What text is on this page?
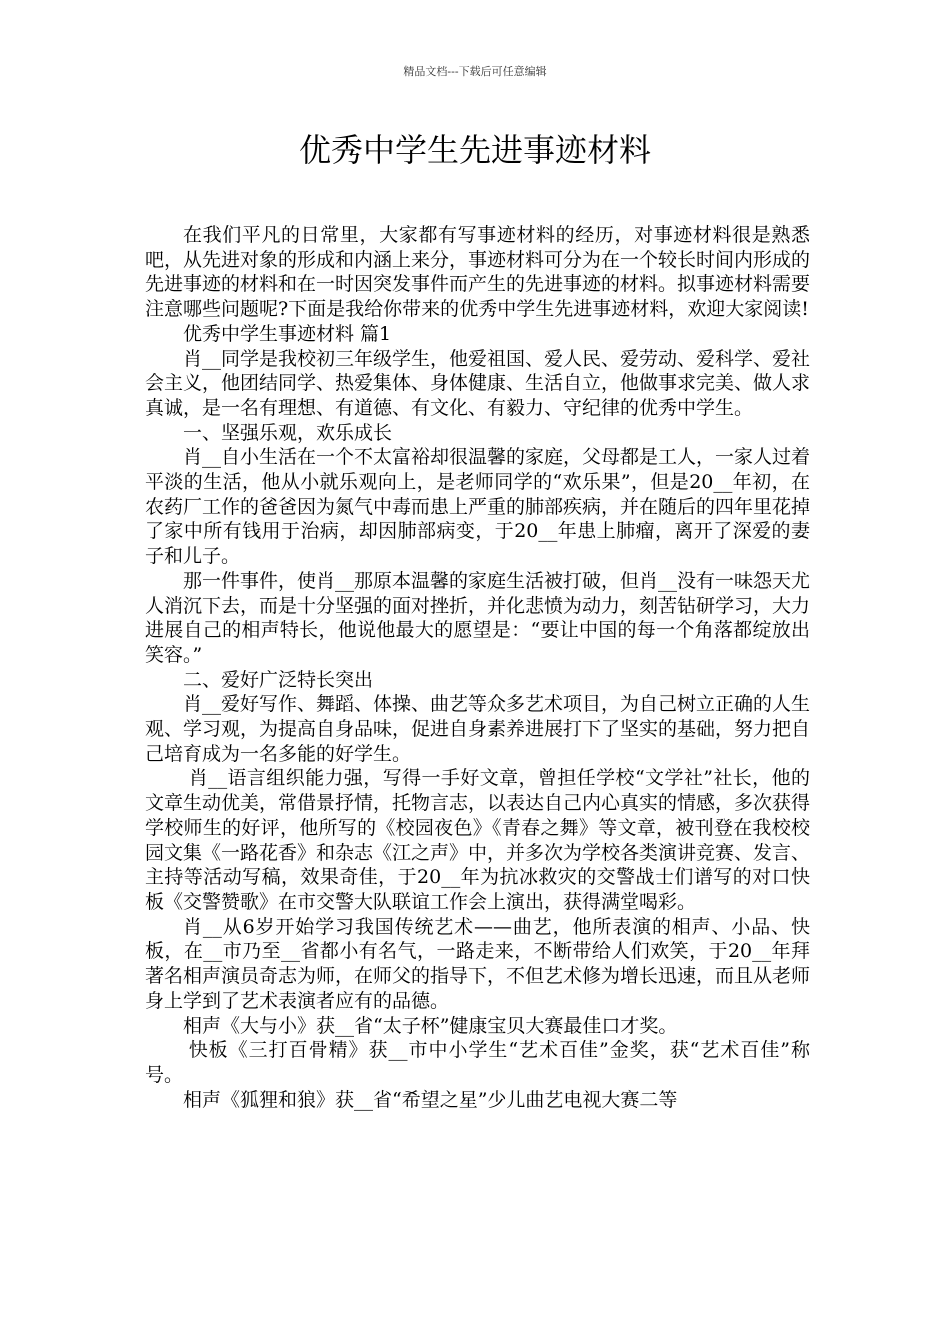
精品文档---下载后可任意编辑
优秀中学生先进事迹材料

在我们平凡的日常里，大家都有写事迹材料的经历，对事迹材料很是熟悉吧，从先进对象的形成和内涵上来分，事迹材料可分为在一个较长时间内形成的先进事迹的材料和在一时因突发事件而产生的先进事迹的材料。拟事迹材料需要注意哪些问题呢?下面是我给你带来的优秀中学生先进事迹材料，欢迎大家阅读!

优秀中学生事迹材料 篇1

肖__同学是我校初三年级学生，他爱祖国、爱人民、爱劳动、爱科学、爱社会主义，他团结同学、热爱集体、身体健康、生活自立，他做事求完美、做人求真诚，是一名有理想、有道德、有文化、有毅力、守纪律的优秀中学生。

一、坚强乐观，欢乐成长

肖__自小生活在一个不太富裕却很温馨的家庭，父母都是工人，一家人过着平淡的生活，他从小就乐观向上，是老师同学的“欢乐果”，但是20__年初，在农药厂工作的爸爸因为氮气中毒而患上严重的肺部疾病，并在随后的四年里花掉了家中所有钱用于治病，却因肺部病变，于20__年患上肺瘤，离开了深爱的妻子和儿子。

那一件事件，使肖__那原本温馨的家庭生活被打破，但肖__没有一味怨天尤人消沉下去，而是十分坚强的面对挫折，并化悲愤为动力，刻苦钻研学习，大力进展自己的相声特长，他说他最大的愿望是：“要让中国的每一个角落都绽放出笑容。”

二、爱好广泛特长突出

肖__爱好写作、舞蹈、体操、曲艺等众多艺术项目，为自己树立正确的人生观、学习观，为提高自身品味，促进自身素养进展打下了坚实的基础，努力把自己培育成为一名多能的好学生。

肖__语言组织能力强，写得一手好文章，曾担任学校“文学社”社长，他的文章生动优美，常借景抒情，托物言志，以表达自己内心真实的情感，多次获得学校师生的好评，他所写的《校园夜色》《青春之舞》等文章，被刊登在我校校园文集《一路花香》和杂志《江之声》中，并多次为学校各类演讲竞赛、发言、主持等活动写稿，效果奇佳，于20__年为抗冰救灾的交警战士们谱写的对口快板《交警赞歌》在市交警大队联谊工作会上演出，获得满堂喝彩。

肖__从6岁开始学习我国传统艺术——曲艺，他所表演的相声、小品、快板，在__市乃至__省都小有名气，一路走来，不断带给人们欢笑，于20__年拜著名相声演员奇志为师，在师父的指导下，不但艺术修为增长迅速，而且从老师身上学到了艺术表演者应有的品德。

相声《大与小》获__省“太子杯”健康宝贝大赛最佳口才奖。

快板《三打百骨精》获__市中小学生“艺术百佳”金奖，获“艺术百佳”称号。

相声《狐狸和狼》获__省“希望之星”少儿曲艺电视大赛二等
